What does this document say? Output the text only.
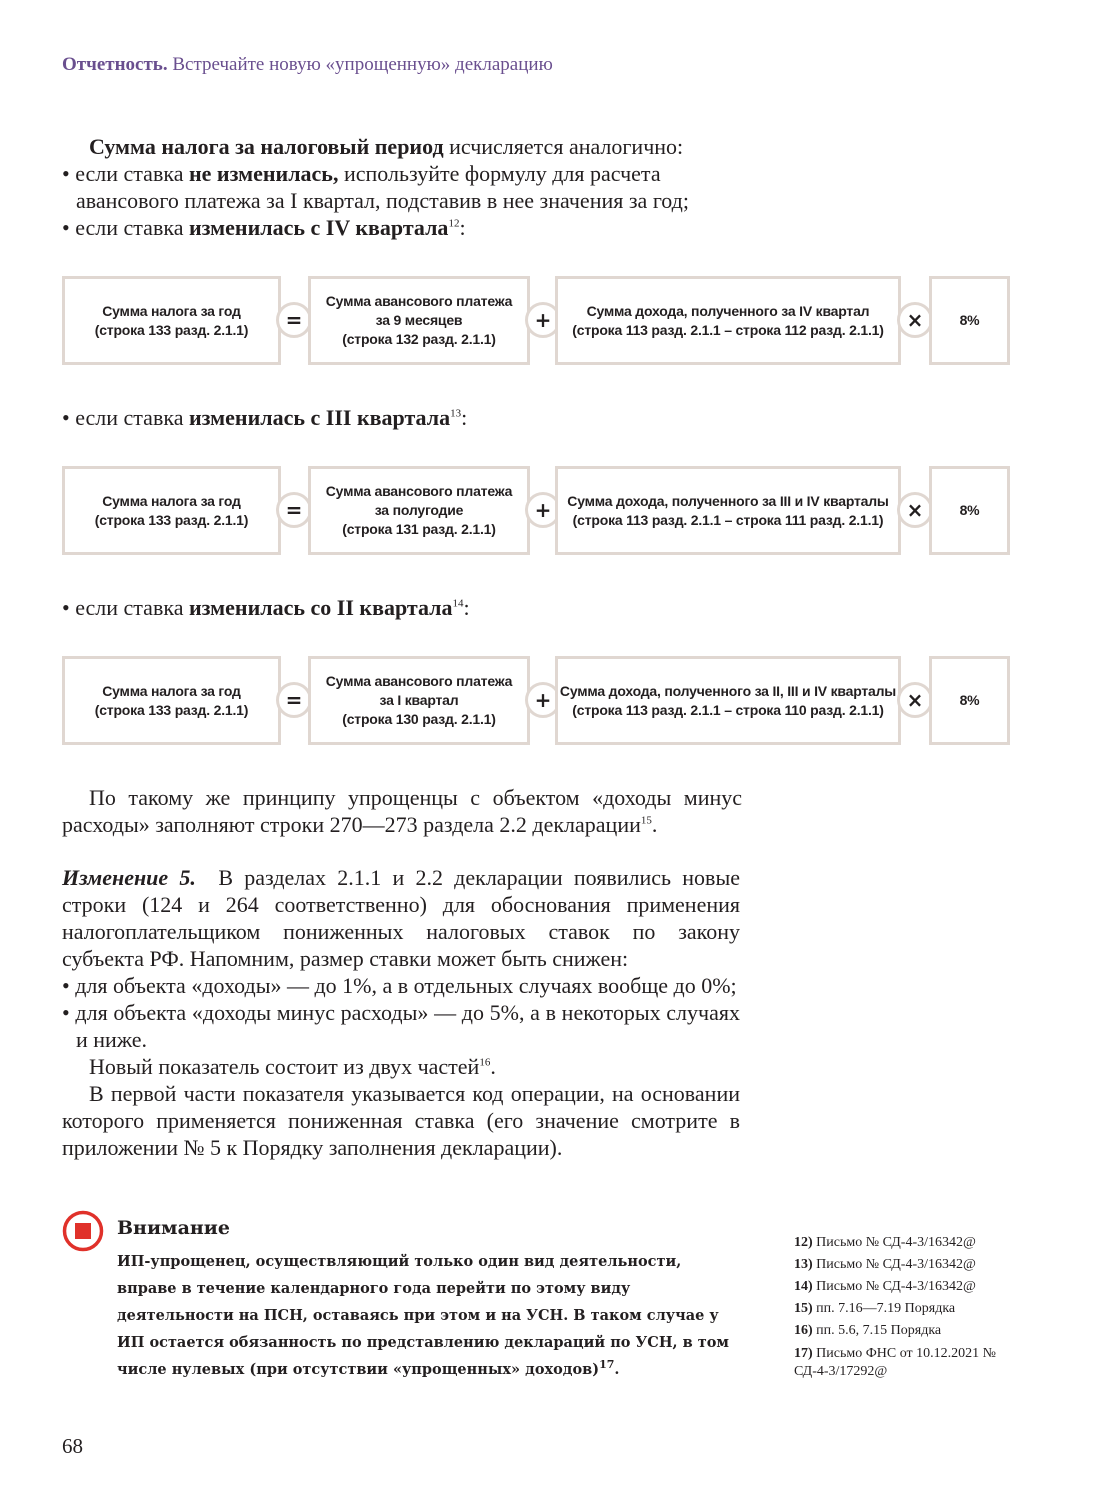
Отчетность. Встречайте новую «упрощенную» декларацию
Сумма налога за налоговый период исчисляется аналогично:
• если ставка не изменилась, используйте формулу для расчета авансового платежа за I квартал, подставив в нее значения за год;
• если ставка изменилась с IV квартала$^{12}$:
Сумма налога за год
(строка 133 разд. 2.1.1)	=
Сумма авансового платежа
за 9 месяцев
(строка 132 разд. 2.1.1)
+	Сумма дохода, полученного за IV квартал
(строка 113 разд. 2.1.1 – строка 112 разд. 2.1.1)	×	8%
• если ставка изменилась с III квартала$^{13}$:
Сумма налога за год
(строка 133 разд. 2.1.1)	=
Сумма авансового платежа
за полугодие
(строка 131 разд. 2.1.1)
+	Сумма дохода, полученного за III и IV кварталы
(строка 113 разд. 2.1.1 – строка 111 разд. 2.1.1)	×	8%
• если ставка изменилась со II квартала$^{14}$:
Сумма налога за год
(строка 133 разд. 2.1.1)	=
Сумма авансового платежа
за I квартал
(строка 130 разд. 2.1.1)
+ Сумма дохода, полученного за II, III и IV кварталы
(строка 113 разд. 2.1.1 – строка 110 разд. 2.1.1)	×	8%
По такому же принципу упрощенцы с объектом «доходы минус расходы» заполняют строки 270—273 раздела 2.2 декларации$^{15}$.
Изменение 5. В разделах 2.1.1 и 2.2 декларации появились новые строки (124 и 264 соответственно) для обоснования применения налогоплательщиком пониженных налоговых ставок по закону субъекта РФ. Напомним, размер ставки может быть снижен:
• для объекта «доходы» — до 1%, а в отдельных случаях вообще до 0%;
• для объекта «доходы минус расходы» — до 5%, а в некоторых случаях и ниже.
Новый показатель состоит из двух частей$^{16}$.
В первой части показателя указывается код операции, на основании которого применяется пониженная ставка (его значение смотрите в приложении № 5 к Порядку заполнения декларации).
Внимание
ИП-упрощенец, осуществляющий только один вид деятельности, вправе в течение календарного года перейти по этому виду деятельности на ПСН, оставаясь при этом и на УСН. В таком случае у ИП остается обязанность по представлению деклараций по УСН, в том числе нулевых (при отсутствии «упрощенных» доходов)$^{17}$.
12) Письмо № СД-4-3/16342@
13) Письмо № СД-4-3/16342@
14) Письмо № СД-4-3/16342@
15) пп. 7.16—7.19 Порядка
16) пп. 5.6, 7.15 Порядка
17) Письмо ФНС от 10.12.2021 № СД-4-3/17292@
68
